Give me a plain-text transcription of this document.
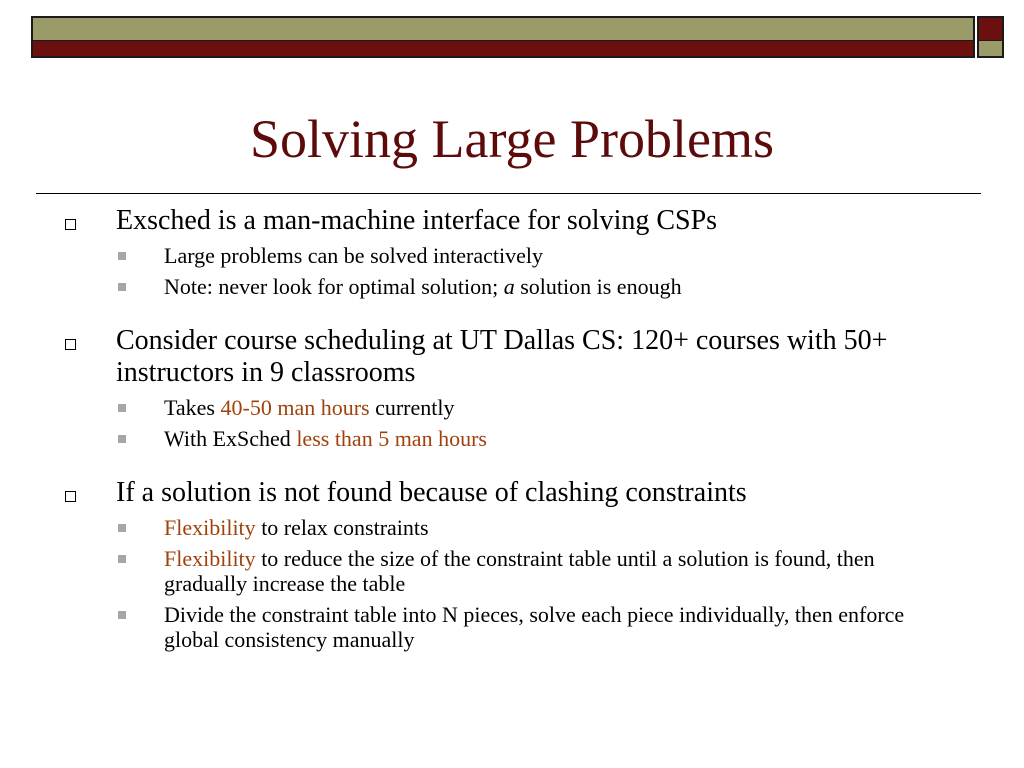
Solving Large Problems
Exsched is a man-machine interface for solving CSPs
Large problems can be solved interactively
Note: never look for optimal solution; a solution is enough
Consider course scheduling at UT Dallas CS: 120+ courses with 50+ instructors in 9 classrooms
Takes 40-50 man hours currently
With ExSched less than 5 man hours
If a solution is not found because of clashing constraints
Flexibility to relax constraints
Flexibility to reduce the size of the constraint table until a solution is found, then gradually increase the table
Divide the constraint table into N pieces, solve each piece individually, then enforce global consistency manually
